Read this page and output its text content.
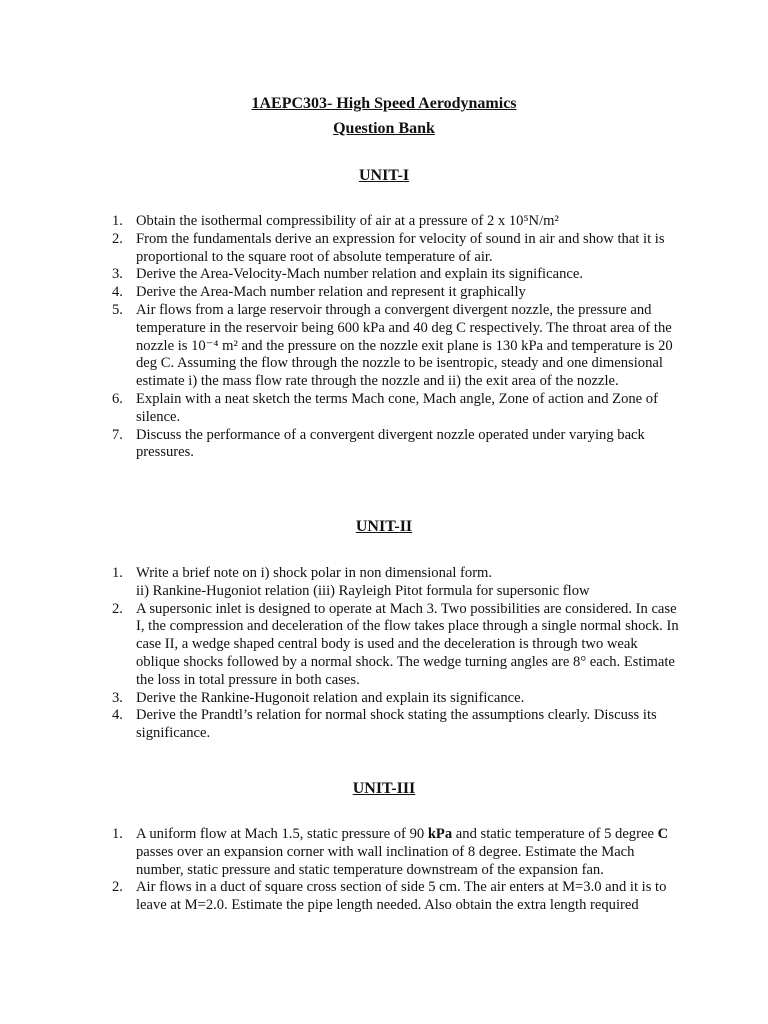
1AEPC303- High Speed Aerodynamics
Question Bank
UNIT-I
1. Obtain the isothermal compressibility of air at a pressure of 2 x 10⁵N/m²
2. From the fundamentals derive an expression for velocity of sound in air and show that it is proportional to the square root of absolute temperature of air.
3. Derive the Area-Velocity-Mach number relation and explain its significance.
4. Derive the Area-Mach number relation and represent it graphically
5. Air flows from a large reservoir through a convergent divergent nozzle, the pressure and temperature in the reservoir being 600 kPa and 40 deg C respectively. The throat area of the nozzle is 10⁻⁴ m² and the pressure on the nozzle exit plane is 130 kPa and temperature is 20 deg C. Assuming the flow through the nozzle to be isentropic, steady and one dimensional estimate i) the mass flow rate through the nozzle and ii) the exit area of the nozzle.
6. Explain with a neat sketch the terms Mach cone, Mach angle, Zone of action and Zone of silence.
7. Discuss the performance of a convergent divergent nozzle operated under varying back pressures.
UNIT-II
1. Write a brief note on i) shock polar in non dimensional form.
ii) Rankine-Hugoniot relation (iii) Rayleigh Pitot formula for supersonic flow
2. A supersonic inlet is designed to operate at Mach 3. Two possibilities are considered. In case I, the compression and deceleration of the flow takes place through a single normal shock. In case II, a wedge shaped central body is used and the deceleration is through two weak oblique shocks followed by a normal shock. The wedge turning angles are 8° each. Estimate the loss in total pressure in both cases.
3. Derive the Rankine-Hugonoit relation and explain its significance.
4. Derive the Prandtl’s relation for normal shock stating the assumptions clearly. Discuss its significance.
UNIT-III
1. A uniform flow at Mach 1.5, static pressure of 90 kPa and static temperature of 5 degree C passes over an expansion corner with wall inclination of 8 degree. Estimate the Mach number, static pressure and static temperature downstream of the expansion fan.
2. Air flows in a duct of square cross section of side 5 cm. The air enters at M=3.0 and it is to leave at M=2.0. Estimate the pipe length needed. Also obtain the extra length required
